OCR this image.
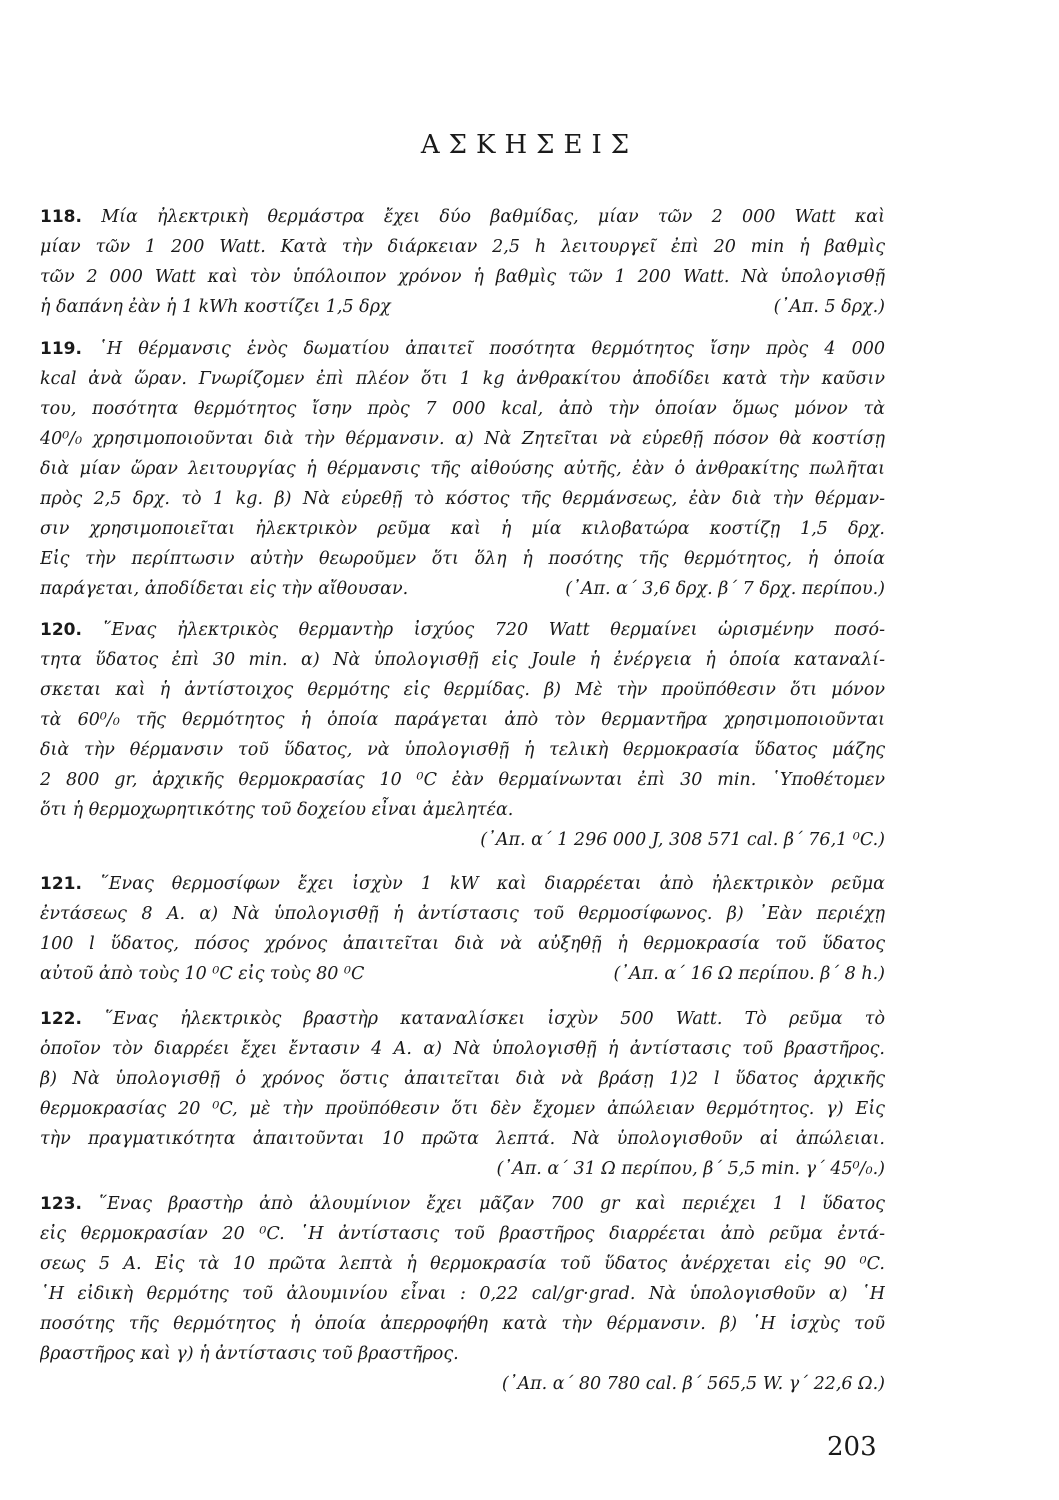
ΑΣΚΗΣΕΙΣ
118. Μία ἠλεκτρικὴ θερμάστρα ἔχει δύο βαθμίδας, μίαν τῶν 2 000 Watt καὶ
μίαν τῶν 1 200 Watt. Κατὰ τὴν διάρκειαν 2,5 h λειτουργεῖ ἐπὶ 20 min ἡ βαθμὶς
τῶν 2 000 Watt καὶ τὸν ὑπόλοιπον χρόνον ἡ βαθμὶς τῶν 1 200 Watt. Νὰ ὑπολογισθῇ
ἡ δαπάνη ἐὰν ἡ 1 kWh κοστίζει 1,5 δρχ	(᾽Απ. 5 δρχ.)
119. ῾Η θέρμανσις ἑνὸς δωματίου ἀπαιτεῖ ποσότητα θερμότητος ἴσην πρὸς 4 000
kcal ἀνὰ ὥραν. Γνωρίζομεν ἐπὶ πλέον ὅτι 1 kg ἀνθρακίτου ἀποδίδει κατὰ τὴν καῦσιν
του, ποσότητα θερμότητος ἴσην πρὸς 7 000 kcal, ἀπὸ τὴν ὁποίαν ὅμως μόνον τὰ
40⁰/₀ χρησιμοποιοῦνται διὰ τὴν θέρμανσιν. α) Νὰ Ζητεῖται νὰ εὑρεθῇ πόσον θὰ κοστίσῃ
διὰ μίαν ὥραν λειτουργίας ἡ θέρμανσις τῆς αἰθούσης αὐτῆς, ἐὰν ὁ ἀνθρακίτης πωλῆται
πρὸς 2,5 δρχ. τὸ 1 kg. β) Νὰ εὑρεθῇ τὸ κόστος τῆς θερμάνσεως, ἐὰν διὰ τὴν θέρμαν-
σιν χρησιμοποιεῖται ἠλεκτρικὸν ρεῦμα καὶ ἡ μία κιλοβατώρα κοστίζῃ 1,5 δρχ.
Εἰς τὴν περίπτωσιν αὐτὴν θεωροῦμεν ὅτι ὅλη ἡ ποσότης τῆς θερμότητος, ἡ ὁποία
παράγεται, ἀποδίδεται εἰς τὴν αἴθουσαν.	(᾽Απ. α΄ 3,6 δρχ. β΄ 7 δρχ. περίπου.)
120. ῞Ενας ἠλεκτρικὸς θερμαντὴρ ἰσχύος 720 Watt θερμαίνει ὡρισμένην ποσό-
τητα ὕδατος ἐπὶ 30 min. α) Νὰ ὑπολογισθῇ εἰς Joule ἡ ἐνέργεια ἡ ὁποία καταναλί-
σκεται καὶ ἡ ἀντίστοιχος θερμότης εἰς θερμίδας. β) Μὲ τὴν προϋπόθεσιν ὅτι μόνον
τὰ 60⁰/₀ τῆς θερμότητος ἡ ὁποία παράγεται ἀπὸ τὸν θερμαντῆρα χρησιμοποιοῦνται
διὰ τὴν θέρμανσιν τοῦ ὕδατος, νὰ ὑπολογισθῇ ἡ τελικὴ θερμοκρασία ὕδατος μάζης
2 800 gr, ἀρχικῆς θερμοκρασίας 10 ⁰C ἐὰν θερμαίνωνται ἐπὶ 30 min. ῾Υποθέτομεν
ὅτι ἡ θερμοχωρητικότης τοῦ δοχείου εἶναι ἀμελητέα.
(᾽Απ. α΄ 1 296 000 J, 308 571 cal. β΄ 76,1 ⁰C.)
121. ῞Ενας θερμοσίφων ἔχει ἰσχὺν 1 kW καὶ διαρρέεται ἀπὸ ἠλεκτρικὸν ρεῦμα
ἐντάσεως 8 A. α) Νὰ ὑπολογισθῇ ἡ ἀντίστασις τοῦ θερμοσίφωνος. β) ᾽Εὰν περιέχῃ
100 l ὕδατος, πόσος χρόνος ἀπαιτεῖται διὰ νὰ αὐξηθῇ ἡ θερμοκρασία τοῦ ὕδατος
αὐτοῦ ἀπὸ τοὺς 10 ⁰C εἰς τοὺς 80 ⁰C	(᾽Απ. α΄ 16 Ω περίπου. β΄ 8 h.)
122. ῞Ενας ἠλεκτρικὸς βραστὴρ καταναλίσκει ἰσχὺν 500 Watt. Τὸ ρεῦμα τὸ
ὁποῖον τὸν διαρρέει ἔχει ἔντασιν 4 A. α) Νὰ ὑπολογισθῇ ἡ ἀντίστασις τοῦ βραστῆρος.
β) Νὰ ὑπολογισθῇ ὁ χρόνος ὅστις ἀπαιτεῖται διὰ νὰ βράσῃ 1)2 l ὕδατος ἀρχικῆς
θερμοκρασίας 20 ⁰C, μὲ τὴν προϋπόθεσιν ὅτι δὲν ἔχομεν ἀπώλειαν θερμότητος. γ) Εἰς
τὴν πραγματικότητα ἀπαιτοῦνται 10 πρῶτα λεπτά. Νὰ ὑπολογισθοῦν αἱ ἀπώλειαι.
(᾽Απ. α΄ 31 Ω περίπου, β΄ 5,5 min. γ΄ 45⁰/₀.)
123. ῞Ενας βραστὴρ ἀπὸ ἀλουμίνιον ἔχει μᾶζαν 700 gr καὶ περιέχει 1 l ὕδατος
εἰς θερμοκρασίαν 20 ⁰C. ῾Η ἀντίστασις τοῦ βραστῆρος διαρρέεται ἀπὸ ρεῦμα ἐντά-
σεως 5 A. Εἰς τὰ 10 πρῶτα λεπτὰ ἡ θερμοκρασία τοῦ ὕδατος ἀνέρχεται εἰς 90 ⁰C.
῾Η εἰδικὴ θερμότης τοῦ ἀλουμινίου εἶναι : 0,22 cal/gr·grad. Νὰ ὑπολογισθοῦν α) ῾Η
ποσότης τῆς θερμότητος ἡ ὁποία ἀπερροφήθη κατὰ τὴν θέρμανσιν. β) ῾Η ἰσχὺς τοῦ
βραστῆρος καὶ γ) ἡ ἀντίστασις τοῦ βραστῆρος.
(᾽Απ. α΄ 80 780 cal. β΄ 565,5 W. γ΄ 22,6 Ω.)
203
